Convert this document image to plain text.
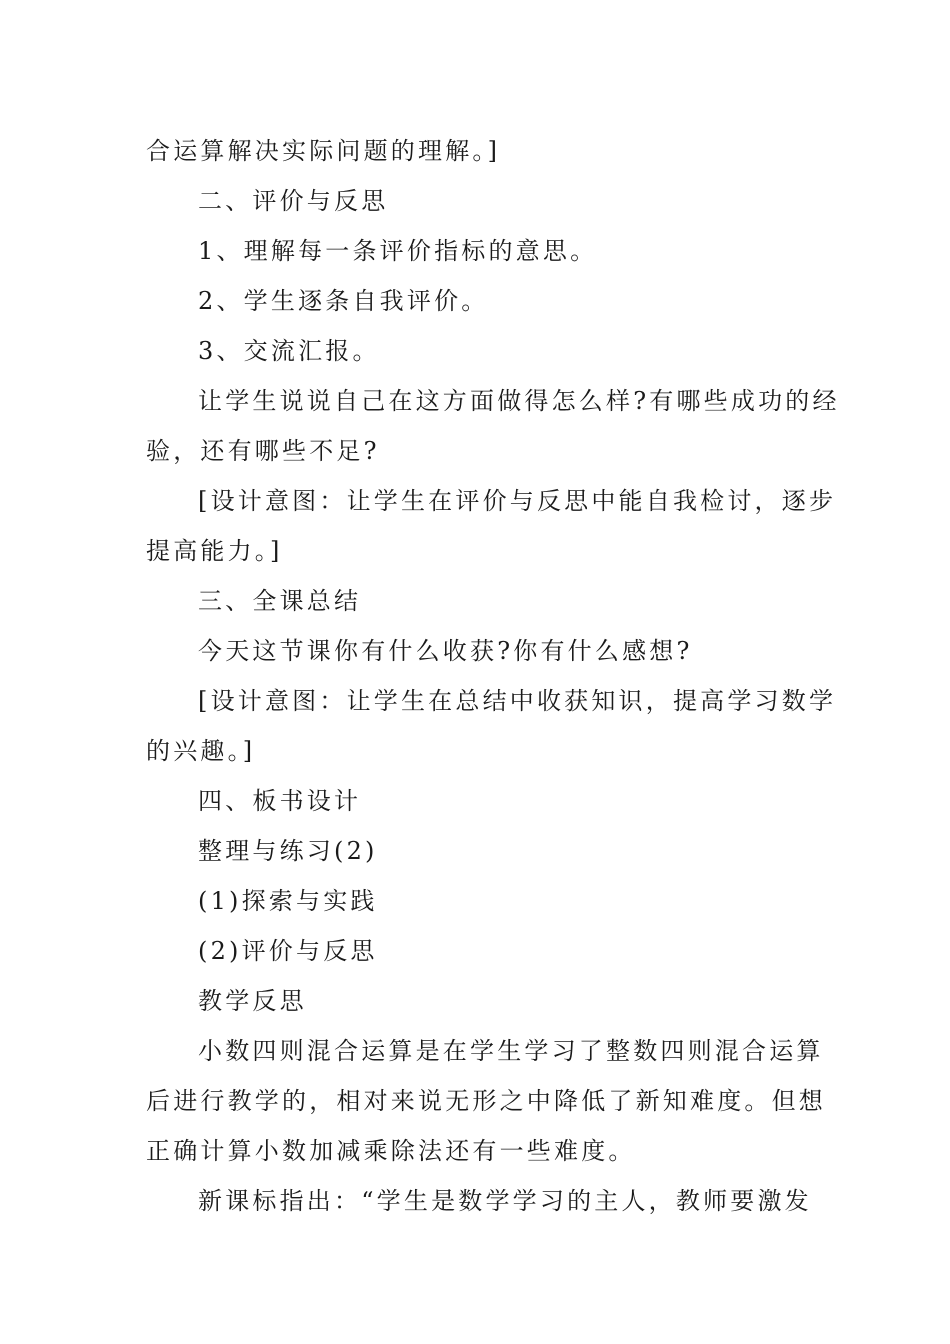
合运算解决实际问题的理解。]
二、评价与反思
1、理解每一条评价指标的意思。
2、学生逐条自我评价。
3、交流汇报。
让学生说说自己在这方面做得怎么样?有哪些成功的经
验，还有哪些不足?
[设计意图：让学生在评价与反思中能自我检讨，逐步
提高能力。]
三、全课总结
今天这节课你有什么收获?你有什么感想?
[设计意图：让学生在总结中收获知识，提高学习数学
的兴趣。]
四、板书设计
整理与练习(2)
(1)探索与实践
(2)评价与反思
教学反思
小数四则混合运算是在学生学习了整数四则混合运算
后进行教学的，相对来说无形之中降低了新知难度。但想
正确计算小数加减乘除法还有一些难度。
新课标指出：“学生是数学学习的主人，教师要激发
